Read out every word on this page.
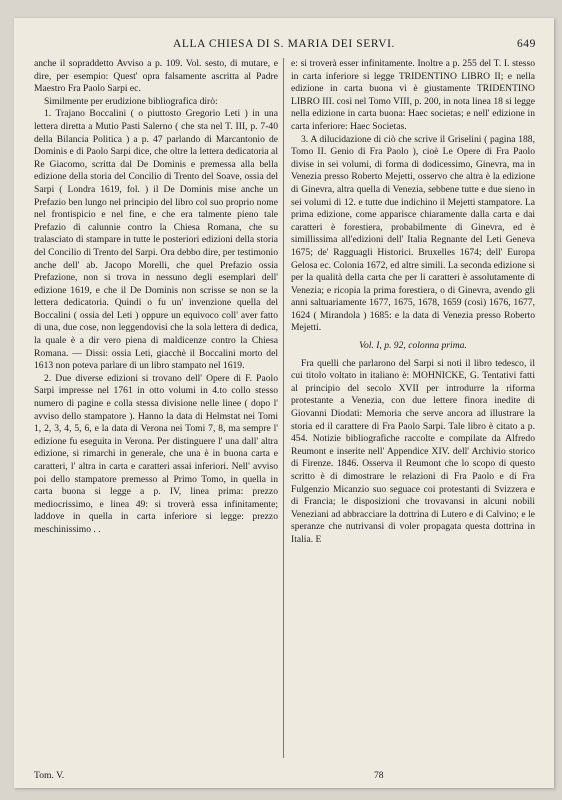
ALLA CHIESA DI S. MARIA DEI SERVI.	649

anche il sopraddetto Avviso a p. 109. Vol. sesto, di mutare, e dire, per esempio: Quest' opra falsamente ascritta al Padre Maestro Fra Paolo Sarpi ec.

Similmente per erudizione bibliografica dirò:

1. Trajano Boccalini ( o piuttosto Gregorio Leti ) in una lettera diretta a Mutio Pasti Salerno ( che sta nel T. III, p. 7-40 della Bilancia Politica ) a p. 47 parlando di Marcantonio de Dominis e di Paolo Sarpi dice, che oltre la lettera dedicatoria al Re Giacomo, scritta dal De Dominis e premessa alla bella edizione della storia del Concilio di Trento del Soave, ossia del Sarpi ( Londra 1619, fol. ) il De Dominis mise anche un Prefazio ben lungo nel principio del libro col suo proprio nome nel frontispicio e nel fine, e che era talmente pieno tale Prefazio di calunnie contro la Chiesa Romana, che su tralasciato di stampare in tutte le posteriori edizioni della storia del Concilio di Trento del Sarpi. Ora debbo dire, per testimonio anche dell' ab. Jacopo Morelli, che quel Prefazio ossia Prefazione, non si trova in nessuno degli esemplari dell' edizione 1619, e che il De Dominis non scrisse se non se la lettera dedicatoria. Quindi o fu un' invenzione quella del Boccalini ( ossia del Leti ) oppure un equivoco coll' aver fatto di una, due cose, non leggendovisi che la sola lettera di dedica, la quale è a dir vero piena di maldicenze contro la Chiesa Romana. — Dissi: ossia Leti, giacchè il Boccalini morto del 1613 non poteva parlare di un libro stampato nel 1619.

2. Due diverse edizioni si trovano dell' Opere di F. Paolo Sarpi impresse nel 1761 in otto volumi in 4.to collo stesso numero di pagine e colla stessa divisione nelle linee ( dopo l' avviso dello stampatore ). Hanno la data di Helmstat nei Tomi 1, 2, 3, 4, 5, 6, e la data di Verona nei Tomi 7, 8, ma sempre l' edizione fu eseguita in Verona. Per distinguere l' una dall' altra edizione, si rimarchi in generale, che una è in buona carta e caratteri, l' altra in carta e caratteri assai inferiori. Nell' avviso poi dello stampatore premesso al Primo Tomo, in quella in carta buona si legge a p. IV, linea prima: prezzo mediocrissimo, e linea 49: si troverà essa infinitamente; laddove in quella in carta inferiore si legge: prezzo meschinissimo . .

e: si troverà esser infinitamente. Inoltre a p. 255 del T. I. stesso in carta inferiore si legge TRIDENTINO LIBRO II; e nella edizione in carta buona vi è giustamente TRIDENTINO LIBRO III. così nel Tomo VIII, p. 200, in nota linea 18 si legge nella edizione in carta buona: Haec societas; e nell' edizione in carta inferiore: Haec Societas.

3. A dilucidazione di ciò che scrive il Griselini ( pagina 188, Tomo II. Genio di Fra Paolo ), cioè Le Opere di Fra Paolo divise in sei volumi, di forma di dodicessimo, Ginevra, ma in Venezia presso Roberto Mejetti, osservo che altra è la edizione di Ginevra, altra quella di Venezia, sebbene tutte e due sieno in sei volumi di 12. e tutte due indichino il Mejetti stampatore. La prima edizione, come appariscе chiaramente dalla carta e dai caratteri è forestiera, probabilmente di Ginevra, ed è simillissima all'edizioni dell' Italia Regnante del Leti Geneva 1675; de' Ragguagli Historici. Bruxelles 1674; dell' Europa Gelosa ec. Colonia 1672, ed altre simili. La seconda edizione si per la qualità della carta che per li caratteri è assolutamente di Venezia; e ricopia la prima forestiera, o di Ginevra, avendo gli anni saltuariamente 1677, 1675, 1678, 1659 (così) 1676, 1677, 1624 ( Mirandola ) 1685: e la data di Venezia presso Roberto Mejetti.

Vol. I, p. 92, colonna prima.

Fra quelli che parlarono del Sarpi si noti il libro tedesco, il cui titolo voltato in italiano è: MOHNICKE, G. Tentativi fatti al principio del secolo XVII per introdurre la riforma protestante a Venezia, con due lettere finora inedite di Giovanni Diodati: Memoria che serve ancora ad illustrare la storia ed il carattere di Fra Paolo Sarpi. Tale libro è citato a p. 454. Notizie bibliografiche raccolte e compilate da Alfredo Reumont e inserite nell' Appendice XIV. dell' Archivio storico di Firenze. 1846. Osserva il Reumont che lo scopo di questo scritto è di dimostrare le relazioni di Fra Paolo e di Fra Fulgenzio Micanzio suo seguace coi protestanti di Svizzera e di Francia; le disposizioni che trovavansi in alcuni nobili Veneziani ad abbracciare la dottrina di Lutero e di Calvino; e le speranze che nutrivansi di voler propagata questa dottrina in Italia. E

Tom. V.	78
